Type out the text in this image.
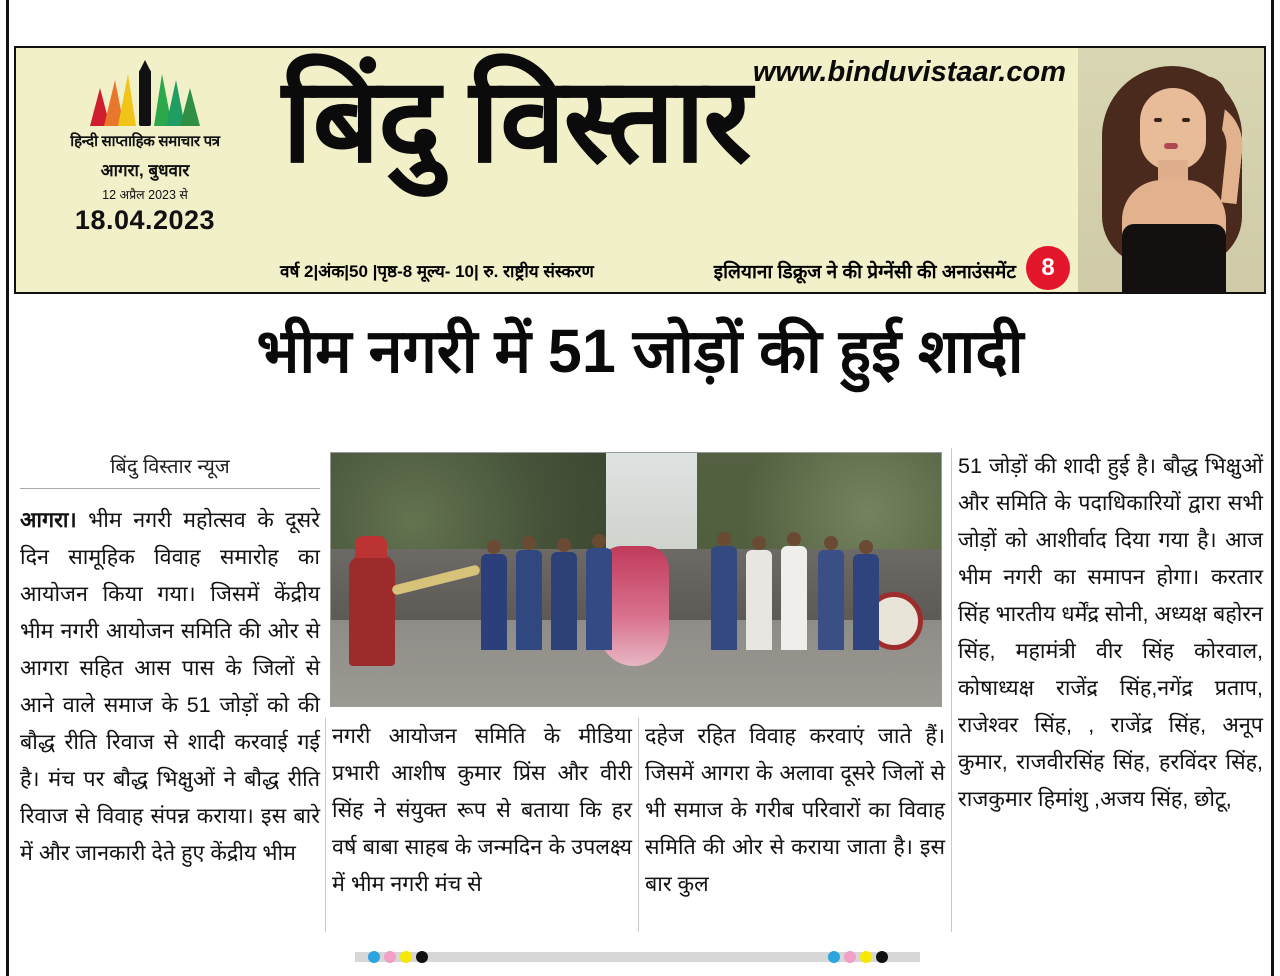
हिन्दी साप्ताहिक समाचार पत्र
आगरा, बुधवार
12 अप्रैल 2023 से
18.04.2023
www.binduvistaar.com
बिंदु विस्तार
वर्ष 2|अंक|50 |पृष्ठ-8 मूल्य- 10| रु. राष्ट्रीय संस्करण	इलियाना डिक्रूज ने की प्रेग्नेंसी की अनाउंसमेंट	8
भीम नगरी में 51 जोड़ों की हुई शादी
बिंदु विस्तार न्यूज
आगरा। भीम नगरी महोत्सव के दूसरे दिन सामूहिक विवाह समारोह का आयोजन किया गया। जिसमें केंद्रीय भीम नगरी आयोजन समिति की ओर से आगरा सहित आस पास के जिलों से आने वाले समाज के 51 जोड़ों को की बौद्ध रीति रिवाज से शादी करवाई गई है। मंच पर बौद्ध भिक्षुओं ने बौद्ध रीति रिवाज से विवाह संपन्न कराया। इस बारे में और जानकारी देते हुए केंद्रीय भीम
नगरी आयोजन समिति के मीडिया प्रभारी आशीष कुमार प्रिंस और वीरी सिंह ने संयुक्त रूप से बताया कि हर वर्ष बाबा साहब के जन्मदिन के उपलक्ष्य में भीम नगरी मंच से
दहेज रहित विवाह करवाएं जाते हैं। जिसमें आगरा के अलावा दूसरे जिलों से भी समाज के गरीब परिवारों का विवाह समिति की ओर से कराया जाता है। इस बार कुल
51 जोड़ों की शादी हुई है। बौद्ध भिक्षुओं और समिति के पदाधिकारियों द्वारा सभी जोड़ों को आशीर्वाद दिया गया है। आज भीम नगरी का समापन होगा। करतार सिंह भारतीय धर्मेंद्र सोनी, अध्यक्ष बहोरन सिंह, महामंत्री वीर सिंह कोरवाल, कोषाध्यक्ष राजेंद्र सिंह,नगेंद्र प्रताप, राजेश्वर सिंह, , राजेंद्र सिंह, अनूप कुमार, राजवीरसिंह सिंह, हरविंदर सिंह, राजकुमार हिमांशु ,अजय सिंह, छोटू,
